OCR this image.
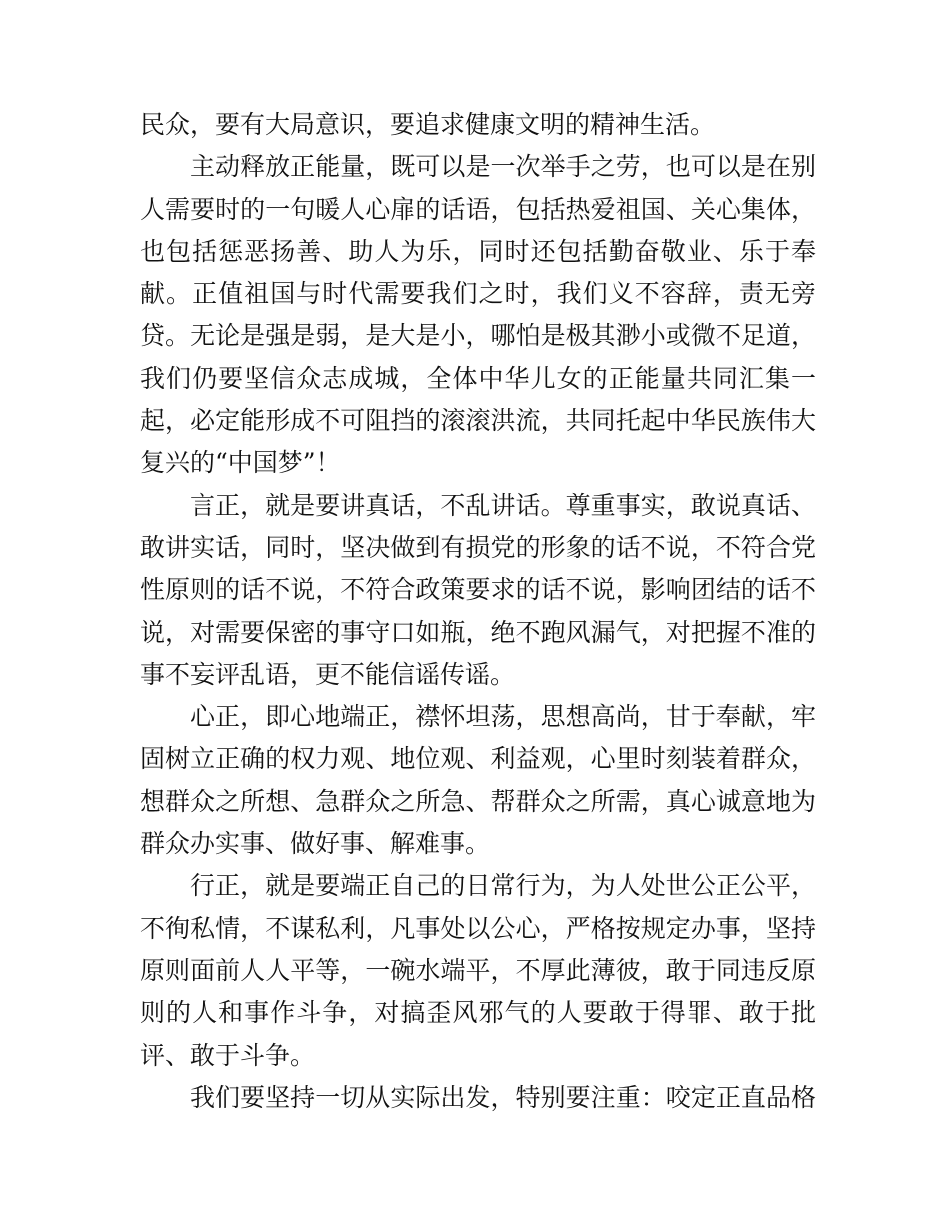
民众，要有大局意识，要追求健康文明的精神生活。
主动释放正能量，既可以是一次举手之劳，也可以是在别
人需要时的一句暖人心扉的话语，包括热爱祖国、关心集体，
也包括惩恶扬善、助人为乐，同时还包括勤奋敬业、乐于奉
献。正值祖国与时代需要我们之时，我们义不容辞，责无旁
贷。无论是强是弱，是大是小，哪怕是极其渺小或微不足道，
我们仍要坚信众志成城，全体中华儿女的正能量共同汇集一
起，必定能形成不可阻挡的滚滚洪流，共同托起中华民族伟大
复兴的“中国梦”！
言正，就是要讲真话，不乱讲话。尊重事实，敢说真话、
敢讲实话，同时，坚决做到有损党的形象的话不说，不符合党
性原则的话不说，不符合政策要求的话不说，影响团结的话不
说，对需要保密的事守口如瓶，绝不跑风漏气，对把握不准的
事不妄评乱语，更不能信谣传谣。
心正，即心地端正，襟怀坦荡，思想高尚，甘于奉献，牢
固树立正确的权力观、地位观、利益观，心里时刻装着群众，
想群众之所想、急群众之所急、帮群众之所需，真心诚意地为
群众办实事、做好事、解难事。
行正，就是要端正自己的日常行为，为人处世公正公平，
不徇私情，不谋私利，凡事处以公心，严格按规定办事，坚持
原则面前人人平等，一碗水端平，不厚此薄彼，敢于同违反原
则的人和事作斗争，对搞歪风邪气的人要敢于得罪、敢于批
评、敢于斗争。
我们要坚持一切从实际出发，特别要注重：咬定正直品格
